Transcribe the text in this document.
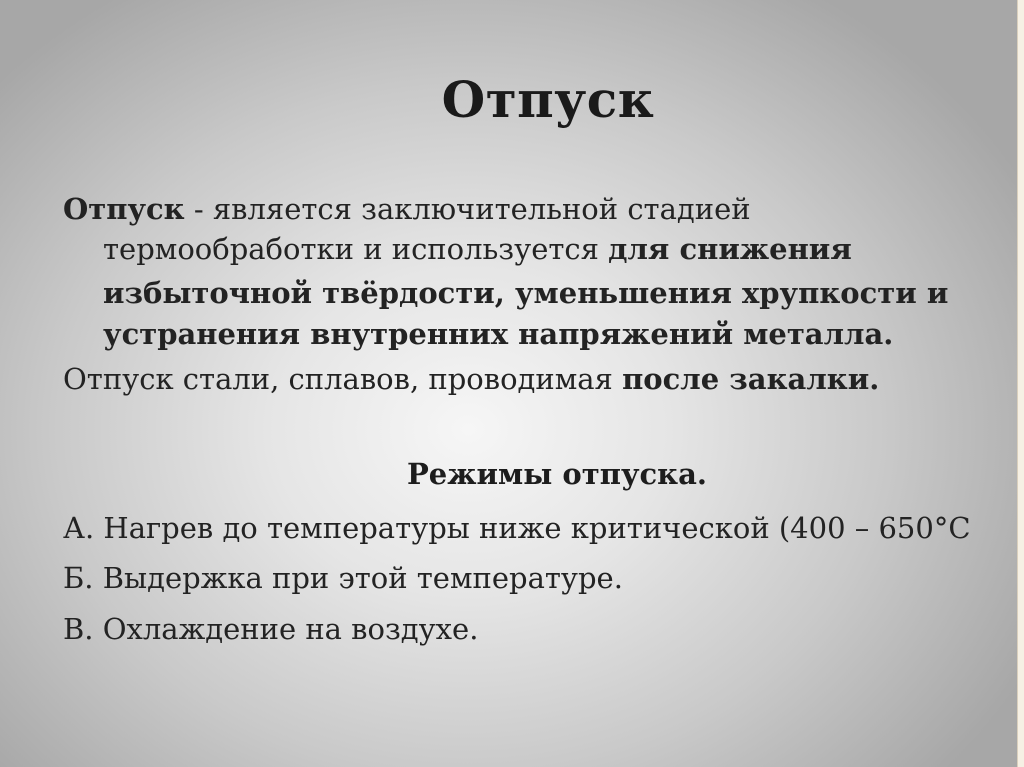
Отпуск
Отпуск - является заключительной стадией
термообработки и используется для снижения
избыточной твёрдости, уменьшения хрупкости и
устранения внутренних напряжений металла.
Отпуск стали, сплавов, проводимая после закалки.
Режимы отпуска.
А. Нагрев до температуры ниже критической (400 – 650°С
Б. Выдержка при этой температуре.
В. Охлаждение на воздухе.
